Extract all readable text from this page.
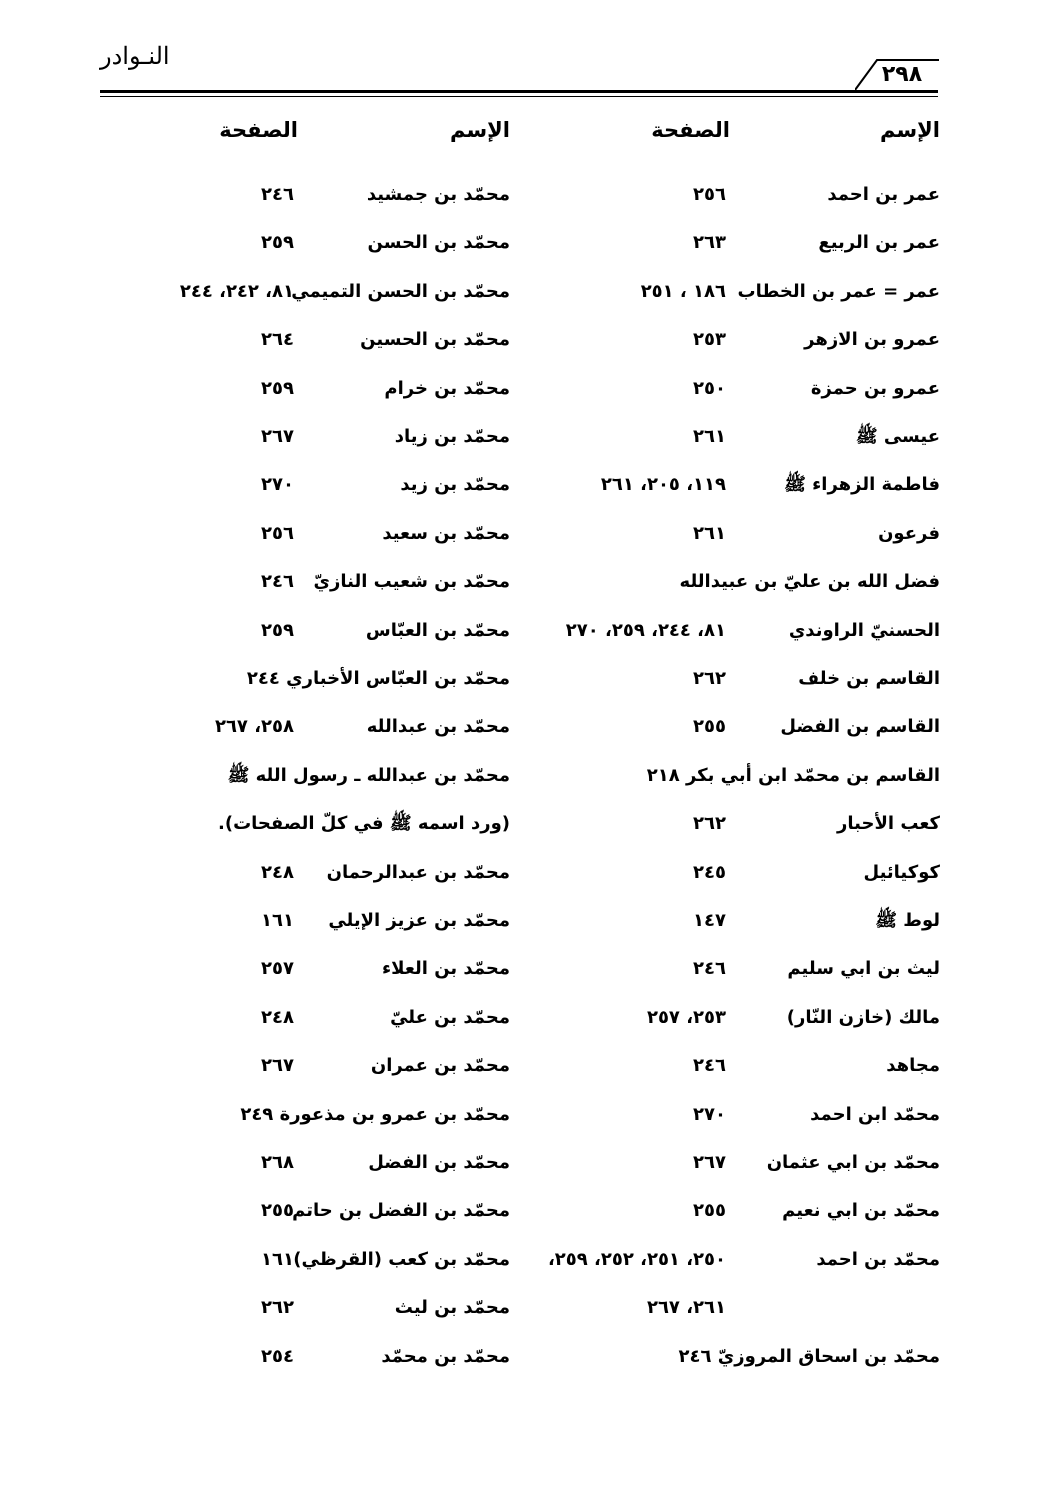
النـوادر
٢٩٨
الإسم
الصفحة
عمر بن احمد
٢٥٦
عمر بن الربيع
٢٦٣
عمر = عمر بن الخطاب
١٨٦ ، ٢٥١
عمرو بن الازهر
٢٥٣
عمرو بن حمزة
٢٥٠
عيسى ﷺ
٢٦١
فاطمة الزهراء ﷺ
١١٩، ٢٠٥، ٢٦١
فرعون
٢٦١
فضل الله بن عليّ بن عبيدالله
الحسنيّ الراوندي
٨١، ٢٤٤، ٢٥٩، ٢٧٠
القاسم بن خلف
٢٦٢
القاسم بن الفضل
٢٥٥
القاسم بن محمّد ابن أبي بكر ٢١٨
كعب الأحبار
٢٦٢
كوكيائيل
٢٤٥
لوط ﷺ
١٤٧
ليث بن ابي سليم
٢٤٦
مالك (خازن النّار)
٢٥٣، ٢٥٧
مجاهد
٢٤٦
محمّد ابن احمد
٢٧٠
محمّد بن ابي عثمان
٢٦٧
محمّد بن ابي نعيم
٢٥٥
محمّد بن احمد
٢٥٠، ٢٥١، ٢٥٢، ٢٥٩،
٢٦١، ٢٦٧
محمّد بن اسحاق المروزيّ ٢٤٦
الإسم
الصفحة
محمّد بن جمشيد
٢٤٦
محمّد بن الحسن
٢٥٩
محمّد بن الحسن التميمي
٨١، ٢٤٢، ٢٤٤
محمّد بن الحسين
٢٦٤
محمّد بن خرام
٢٥٩
محمّد بن زياد
٢٦٧
محمّد بن زيد
٢٧٠
محمّد بن سعيد
٢٥٦
محمّد بن شعيب النازيّ
٢٤٦
محمّد بن العبّاس
٢٥٩
محمّد بن العبّاس الأخباري ٢٤٤
محمّد بن عبدالله
٢٥٨، ٢٦٧
محمّد بن عبدالله ـ رسول الله ﷺ
(ورد اسمه ﷺ في كلّ الصفحات).
محمّد بن عبدالرحمان
٢٤٨
محمّد بن عزيز الإيلي
١٦١
محمّد بن العلاء
٢٥٧
محمّد بن عليّ
٢٤٨
محمّد بن عمران
٢٦٧
محمّد بن عمرو بن مذعورة ٢٤٩
محمّد بن الفضل
٢٦٨
محمّد بن الفضل بن حاتم
٢٥٥
محمّد بن كعب (القرظي)
١٦١
محمّد بن ليث
٢٦٢
محمّد بن محمّد
٢٥٤
